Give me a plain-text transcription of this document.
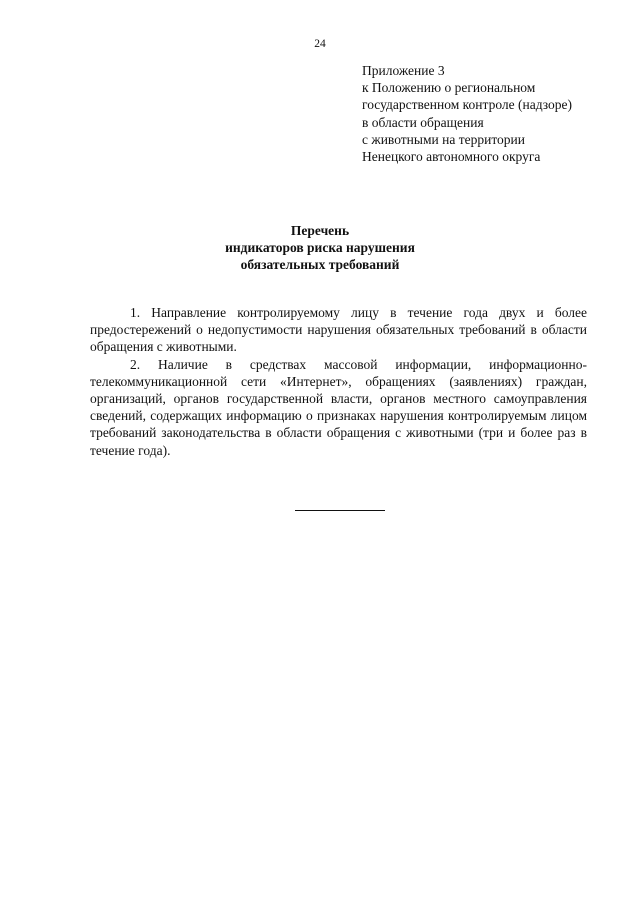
24
Приложение 3
к Положению о региональном
государственном контроле (надзоре)
в области обращения
с животными на территории
Ненецкого автономного округа
Перечень
индикаторов риска нарушения
обязательных требований

1. Направление контролируемому лицу в течение года двух и более предостережений о недопустимости нарушения обязательных требований в области обращения с животными.

2. Наличие в средствах массовой информации, информационно-телекоммуникационной сети «Интернет», обращениях (заявлениях) граждан, организаций, органов государственной власти, органов местного самоуправления сведений, содержащих информацию о признаках нарушения контролируемым лицом требований законодательства в области обращения с животными (три и более раз в течение года).
